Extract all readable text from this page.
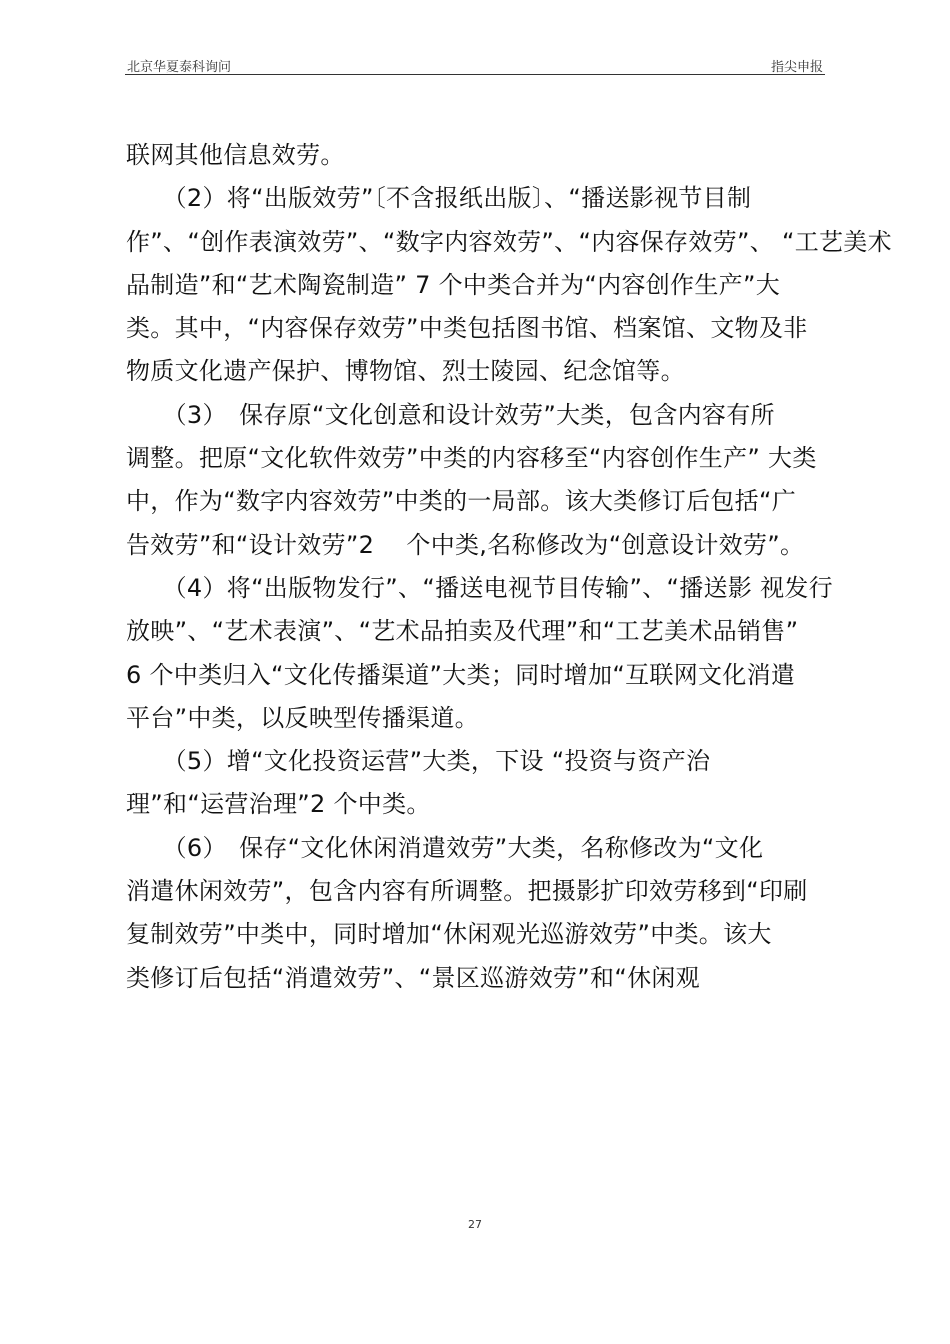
北京华夏泰科询问	指尖申报
联网其他信息效劳。
　　（2）将“出版效劳”〔不含报纸出版〕、“播送影视节目制
作”、“创作表演效劳”、“数字内容效劳”、“内容保存效劳”、 “工艺美术
品制造”和“艺术陶瓷制造” 7 个中类合并为“内容创作生产”大
类。其中，“内容保存效劳”中类包括图书馆、档案馆、文物及非
物质文化遗产保护、博物馆、烈士陵园、纪念馆等。
　　（3）　保存原“文化创意和设计效劳”大类，包含内容有所
调整。把原“文化软件效劳”中类的内容移至“内容创作生产” 大类
中，作为“数字内容效劳”中类的一局部。该大类修订后包括“广
告效劳”和“设计效劳”2　 个中类,名称修改为“创意设计效劳”。
　　（4）将“出版物发行”、“播送电视节目传输”、“播送影 视发行
放映”、“艺术表演”、“艺术品拍卖及代理”和“工艺美术品销售”
6 个中类归入“文化传播渠道”大类；同时增加“互联网文化消遣
平台”中类，以反映型传播渠道。
　　（5）增“文化投资运营”大类，下设 “投资与资产治
理”和“运营治理”2 个中类。
　　（6）　保存“文化休闲消遣效劳”大类，名称修改为“文化
消遣休闲效劳”，包含内容有所调整。把摄影扩印效劳移到“印刷
复制效劳”中类中，同时增加“休闲观光巡游效劳”中类。该大
类修订后包括“消遣效劳”、“景区巡游效劳”和“休闲观
27
